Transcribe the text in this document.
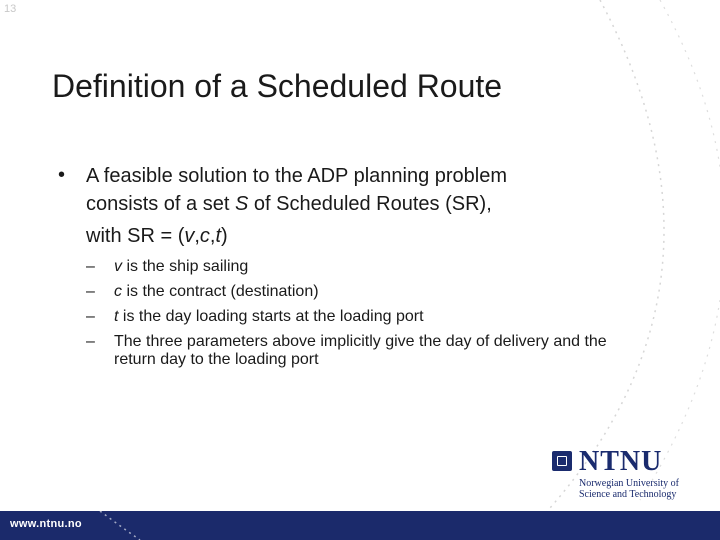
13
Definition of a Scheduled Route
• A feasible solution to the ADP planning problem
consists of a set S of Scheduled Routes (SR),
with SR = (v,c,t)
– v is the ship sailing
– c is the contract (destination)
– t is the day loading starts at the loading port
– The three parameters above implicitly give the day of delivery and the return day to the loading port
NTNU
Norwegian University of
Science and Technology
www.ntnu.no
